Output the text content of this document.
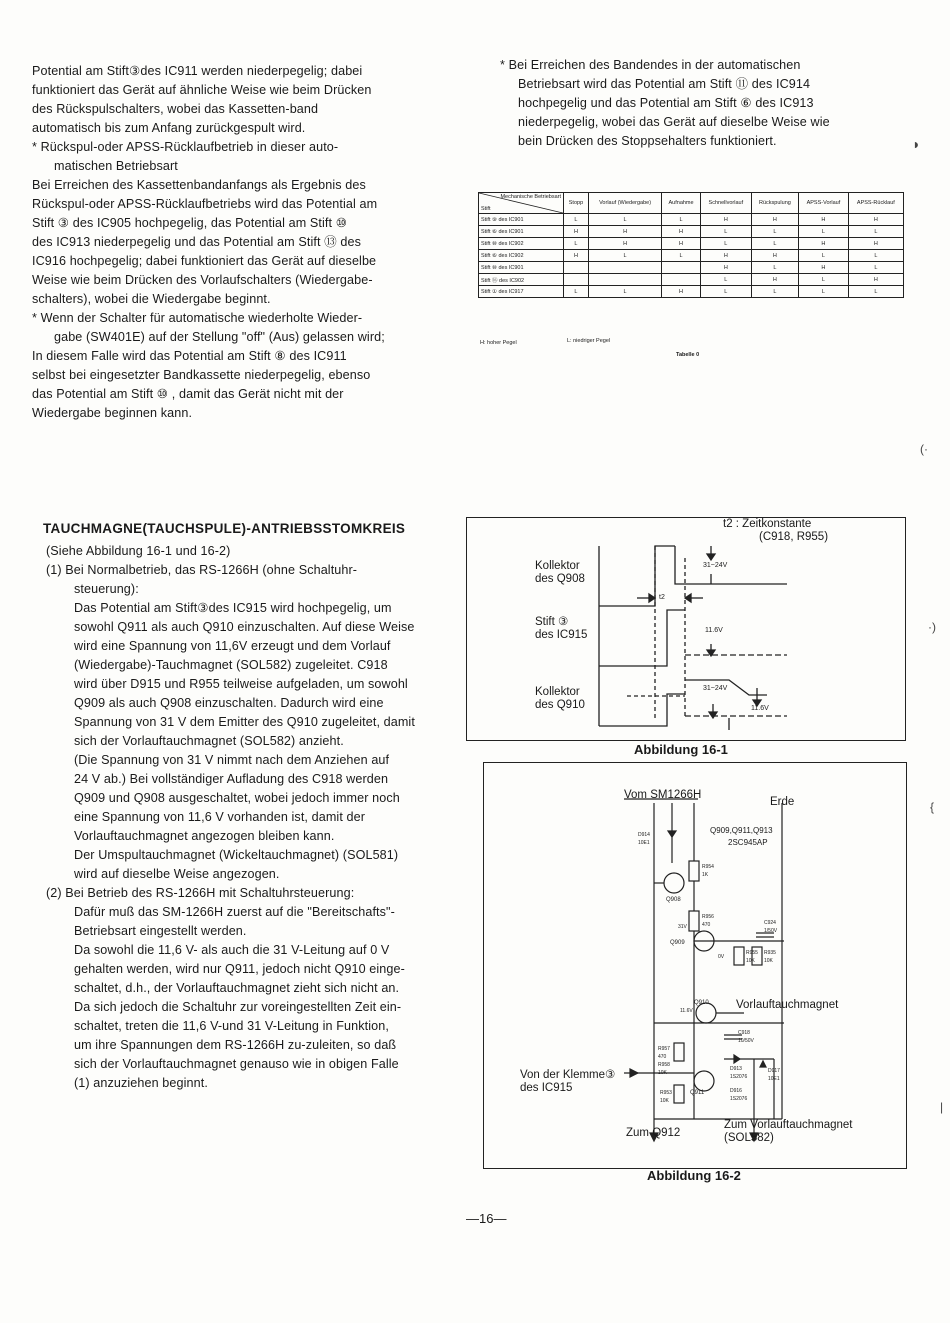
Potential am Stift③des IC911 werden niederpegelig; dabei

funktioniert das Gerät auf ähnliche Weise wie beim Drücken

des Rückspulschalters, wobei das Kassetten-band

automatisch bis zum Anfang zurückgespult wird.

* Rückspul-oder APSS-Rücklaufbetrieb in dieser auto-

matischen Betriebsart

Bei Erreichen des Kassettenbandanfangs als Ergebnis des

Rückspul-oder APSS-Rücklaufbetriebs wird das Potential am

Stift ③ des IC905 hochpegelig, das Potential am Stift ⑩

des IC913 niederpegelig und das Potential am Stift ⑬ des

IC916 hochpegelig; dabei funktioniert das Gerät auf dieselbe

Weise wie beim Drücken des Vorlaufschalters (Wiedergabe-

schalters), wobei die Wiedergabe beginnt.

* Wenn der Schalter für automatische wiederholte Wieder-

gabe (SW401E) auf der Stellung "off" (Aus) gelassen wird;

In diesem Falle wird das Potential am Stift ⑧ des IC911

selbst bei eingesetzter Bandkassette niederpegelig, ebenso

das Potential am Stift ⑩ , damit das Gerät nicht mit der

Wiedergabe beginnen kann.

* Bei Erreichen des Bandendes in der automatischen

Betriebsart wird das Potential am Stift ⑪ des IC914

hochpegelig und das Potential am Stift ⑥ des IC913

niederpegelig, wobei das Gerät auf dieselbe Weise wie

bein Drücken des Stoppsehalters funktioniert.

Mechanische Betriebsart
Stift	Stopp	Vorlauf (Wiedergabe)	Aufnahme	Schnellvorlauf	Rückspulung	APSS-Vorlauf	APSS-Rücklauf
Stift ⑨ des IC901	L	L	L	H	H	H	H
Stift ⑥ des IC901	H	H	H	L	L	L	L
Stift ⑩ des IC902	L	H	H	L	L	H	H
Stift ⑥ des IC902	H	L	L	H	H	L	L
Stift ⑩ des IC901				H	L	H	L
Stift ⑯ des IC902				L	H	L	H
Stift ① des IC917	L	L	H	L	L	L	L
H: hoher Pegel	L: niedriger Pegel
Tabelle 0
TAUCHMAGNE(TAUCHSPULE)-ANTRIEBSSTOMKREIS

(Siehe Abbildung 16-1 und 16-2)

(1) Bei Normalbetrieb, das RS-1266H (ohne Schaltuhr-

steuerung):

Das Potential am Stift③des IC915 wird hochpegelig, um

sowohl Q911 als auch Q910 einzuschalten. Auf diese Weise

wird eine Spannung von 11,6V erzeugt und dem Vorlauf

(Wiedergabe)-Tauchmagnet (SOL582) zugeleitet. C918

wird über D915 und R955 teilweise aufgeladen, um sowohl

Q909 als auch Q908 einzuschalten. Dadurch wird eine

Spannung von 31 V dem Emitter des Q910 zugeleitet, damit

sich der Vorlauftauchmagnet (SOL582) anzieht.

(Die Spannung von 31 V nimmt nach dem Anziehen auf

24 V ab.) Bei vollständiger Aufladung des C918 werden

Q909 und Q908 ausgeschaltet, wobei jedoch immer noch

eine Spannung von 11,6 V vorhanden ist, damit der

Vorlauftauchmagnet angezogen bleiben kann.

Der Umspultauchmagnet (Wickeltauchmagnet) (SOL581)

wird auf dieselbe Weise angezogen.

(2) Bei Betrieb des RS-1266H mit Schaltuhrsteuerung:

Dafür muß das SM-1266H zuerst auf die "Bereitschafts"-

Betriebsart eingestellt werden.

Da sowohl die 11,6 V- als auch die 31 V-Leitung auf 0 V

gehalten werden, wird nur Q911, jedoch nicht Q910 einge-

schaltet, d.h., der Vorlauftauchmagnet zieht sich nicht an.

Da sich jedoch die Schaltuhr zur voreingestellten Zeit ein-

schaltet, treten die 11,6 V-und 31 V-Leitung in Funktion,

um ihre Spannungen dem RS-1266H zu-zuleiten, so daß

sich der Vorlauftauchmagnet genauso wie in obigen Falle

(1) anzuziehen beginnt.

t2 : Zeitkonstante
(C918, R955)
Kollektor
des Q908
Stift ③
des IC915
Kollektor
des Q910
31~24V
t2
11.6V
31~24V
11.6V
Abbildung 16-1
Vom SM1266H
Erde
Q909,Q911,Q913
2SC945AP
D914
10E1
R954
1K
Q908
R956
470
Q909
C924
1/50V
R955
10K
R935
10K
Q910 Vorlauftauchmagnet
C918
10/50V
R957
470
R958
10K
Q911
R953
10K
D913
1S2076
D916
1S2076
D917
10E1
31V
11.6V
0V
Von der Klemme③
des IC915
Zum Q912
Zum Vorlauftauchmagnet
(SOL582)
Abbildung 16-2
—16—
◗
(·
·)
{
|
